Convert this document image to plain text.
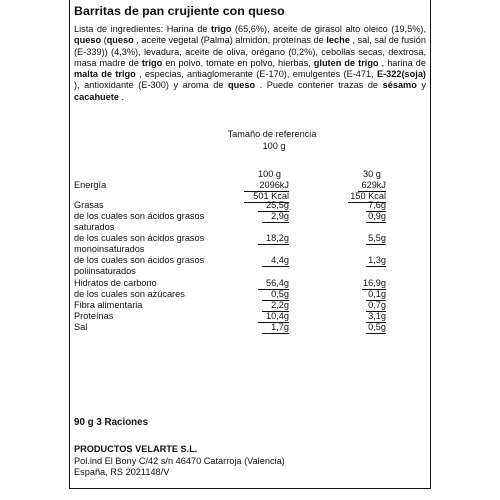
Barritas de pan crujiente con queso
Lista de ingredientes: Harina de trigo (65,6%), aceite de girasol alto oleico (19,5%), queso (queso , aceite vegetal (Palma) almidón, proteínas de leche , sal, sal de fusión (E-339)) (4,3%), levadura, aceite de oliva, orégano (0,2%), cebollas secas, dextrosa, masa madre de trigo en polvo, tomate en polvo, hierbas, gluten de trigo , harina de malta de trigo , especias, antiaglomerante (E-170), emulgentes (E-471, E-322(soja) ), antioxidante (E-300) y aroma de queso . Puede contener trazas de sésamo y cacahuete .
Tamaño de referencia
100 g
100 g	30 g
Energía	2096kJ	629kJ
501 Kcal	150 Kcal
Grasas	25,5g	7,6g
de los cuales son ácidos grasos saturados
2,9g	0,9g
de los cuales son ácidos grasos monoinsaturados
18,2g	5,5g
de los cuales son ácidos grasos poliinsaturados
4,4g	1,3g
Hidratos de carbono	56,4g	16,9g
de los cuales son azúcares	0,5g	0,1g
Fibra alimentaria	2,2g	0,7g
Proteínas	10,4g	3,1g
Sal	1,7g	0,5g
90 g 3 Raciones
PRODUCTOS VELARTE S.L.
Pol.ind El Bony C/42 s/n 46470 Catarroja (Valencia)
España, RS 2021148/V
